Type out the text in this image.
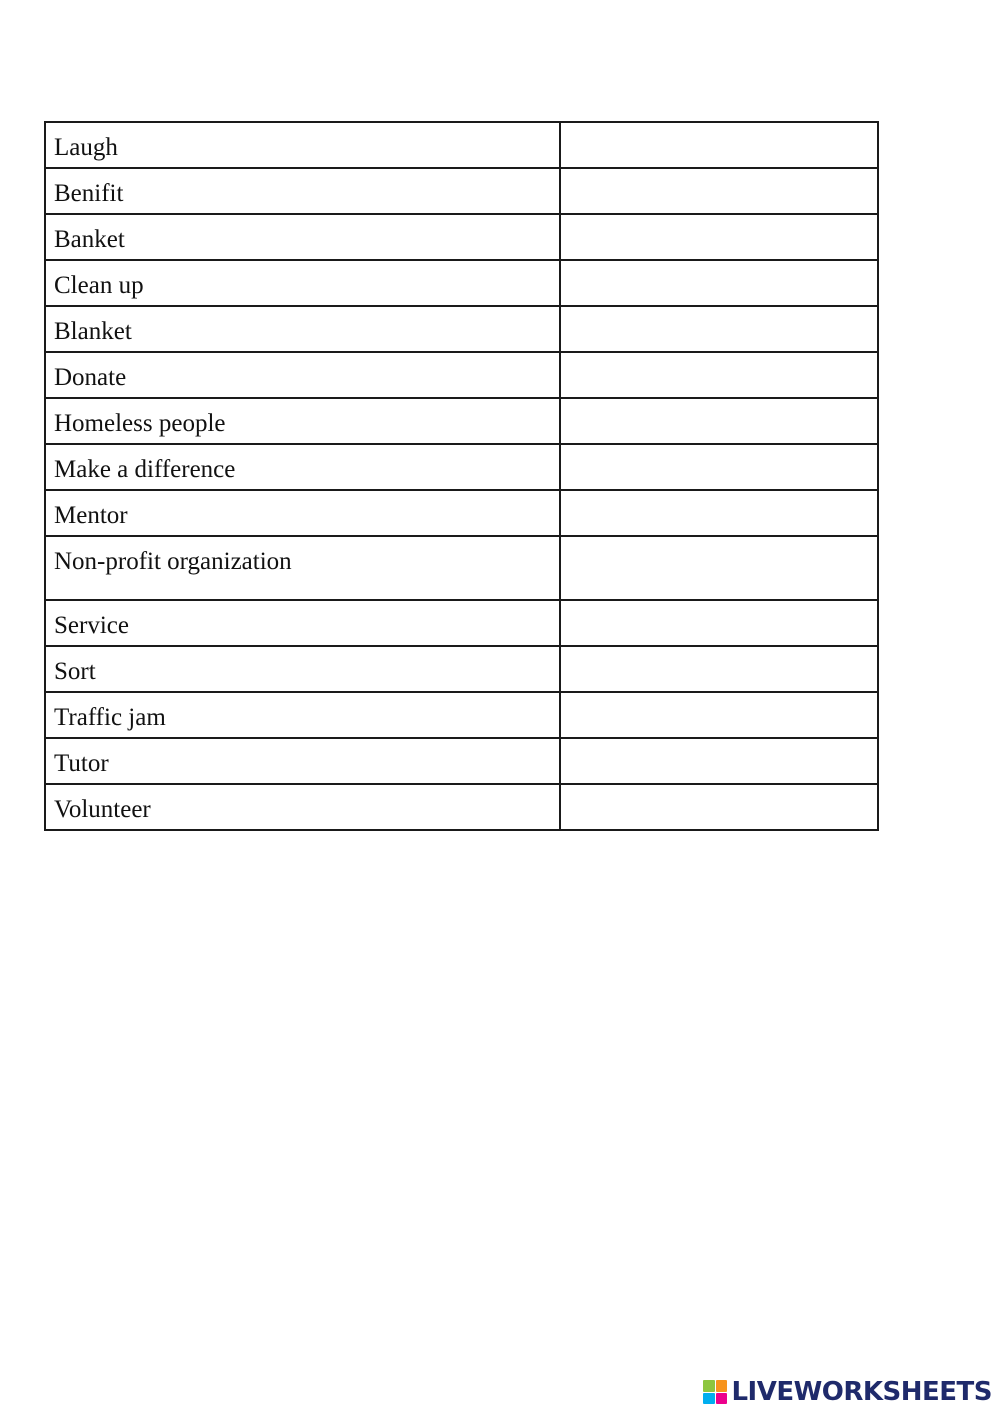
Laugh	
Benifit	
Banket	
Clean up	
Blanket	
Donate	
Homeless people	
Make a difference	
Mentor	
Non-profit organization	
Service	
Sort	
Traffic jam	
Tutor	
Volunteer	
LIVEWORKSHEETS
